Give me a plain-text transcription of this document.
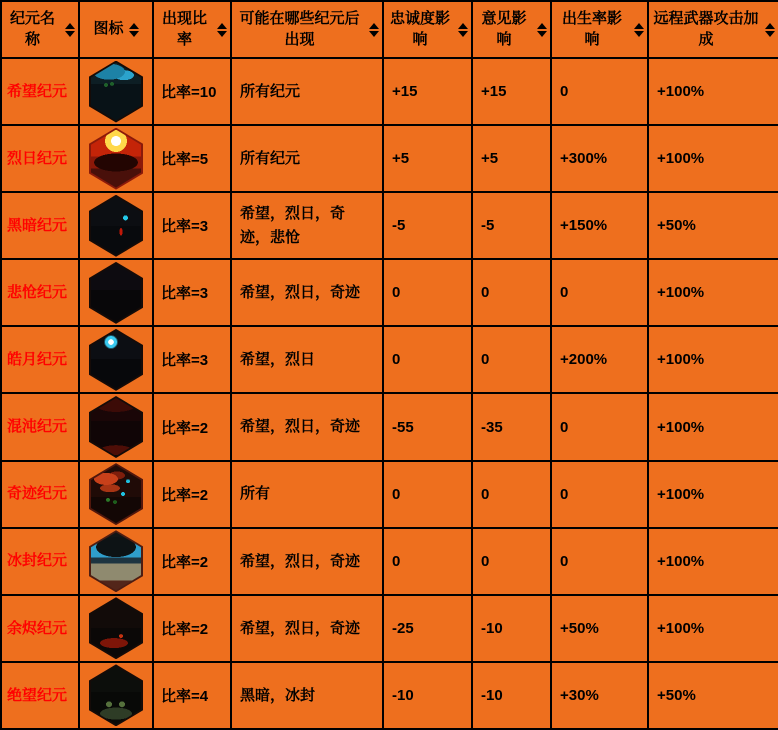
纪元名称	图标	出现比率	可能在哪些纪元后出现	忠诚度影响	意见影响	出生率影响	远程武器攻击加成

希望纪元		比率=10	所有纪元	+15	+15	0	+100%
烈日纪元		比率=5	所有纪元	+5	+5	+300%	+100%
黑暗纪元		比率=3	希望，烈日，奇迹，悲怆	-5	-5	+150%	+50%
悲怆纪元		比率=3	希望，烈日，奇迹	0	0	0	+100%
皓月纪元		比率=3	希望，烈日	0	0	+200%	+100%
混沌纪元		比率=2	希望，烈日，奇迹	-55	-35	0	+100%
奇迹纪元		比率=2	所有	0	0	0	+100%
冰封纪元		比率=2	希望，烈日，奇迹	0	0	0	+100%
余烬纪元		比率=2	希望，烈日，奇迹	-25	-10	+50%	+100%
绝望纪元		比率=4	黑暗，冰封	-10	-10	+30%	+50%
